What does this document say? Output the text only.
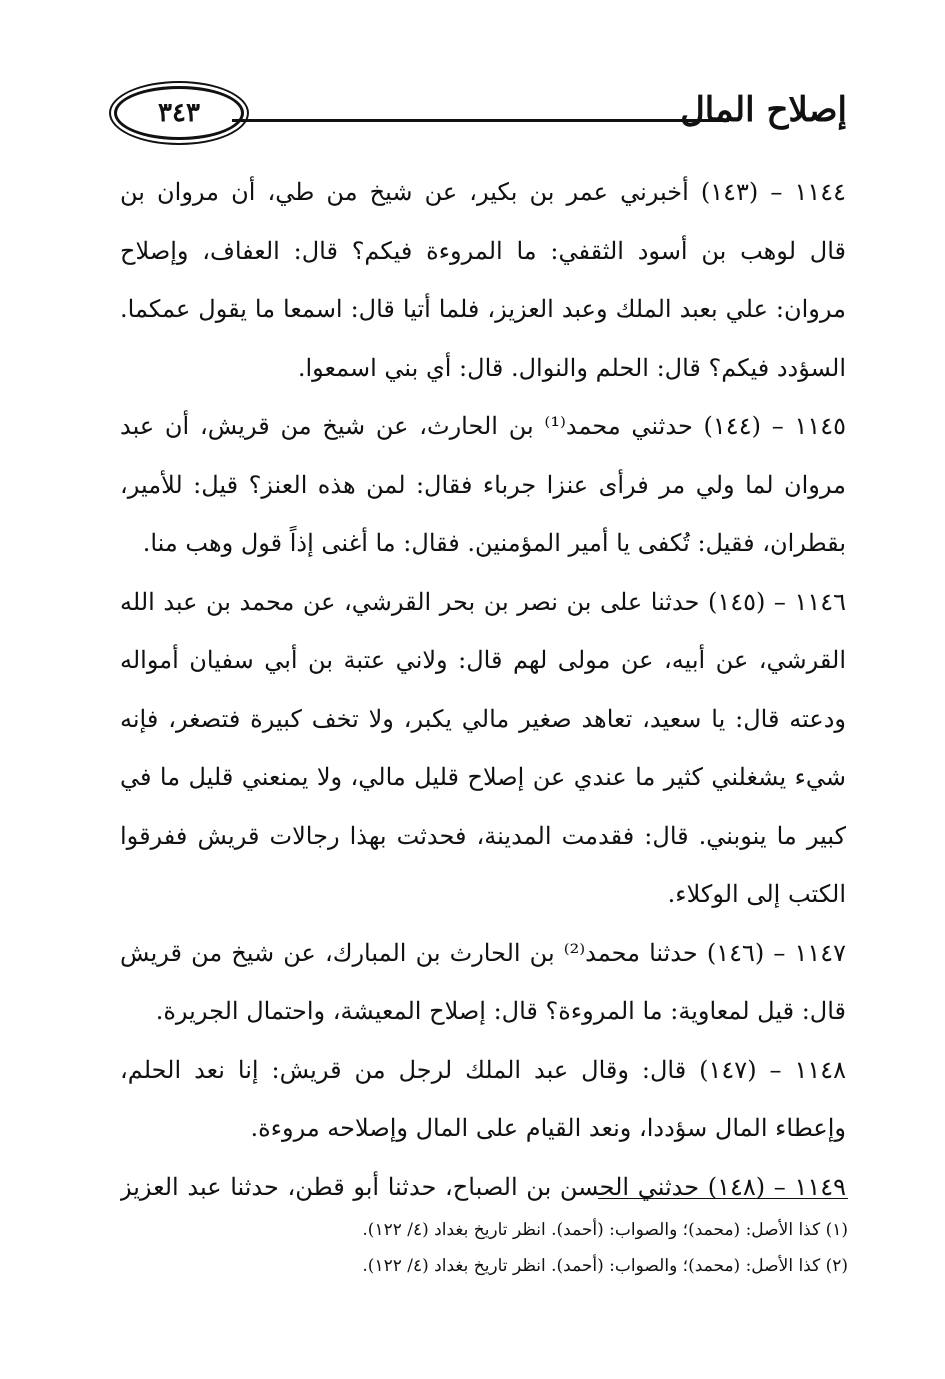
٣٤٣	إصلاح المال
١١٤٤ – (١٤٣) أخبرني عمر بن بكير، عن شيخ من طي، أن مروان بن
قال لوهب بن أسود الثقفي: ما المروءة فيكم؟ قال: العفاف، وإصلاح
مروان: علي بعبد الملك وعبد العزيز، فلما أتيا قال: اسمعا ما يقول عمكما.
السؤدد فيكم؟ قال: الحلم والنوال. قال: أي بني اسمعوا.
١١٤٥ – (١٤٤) حدثني محمد⁽¹⁾ بن الحارث، عن شيخ من قريش، أن عبد
مروان لما ولي مر فرأى عنزا جرباء فقال: لمن هذه العنز؟ قيل: للأمير،
بقطران، فقيل: تُكفى يا أمير المؤمنين. فقال: ما أغنى إذاً قول وهب منا.
١١٤٦ – (١٤٥) حدثنا على بن نصر بن بحر القرشي، عن محمد بن عبد الله
القرشي، عن أبيه، عن مولى لهم قال: ولاني عتبة بن أبي سفيان أمواله
ودعته قال: يا سعيد، تعاهد صغير مالي يكبر، ولا تخف كبيرة فتصغر، فإنه
شيء يشغلني كثير ما عندي عن إصلاح قليل مالي، ولا يمنعني قليل ما في
كبير ما ينوبني. قال: فقدمت المدينة، فحدثت بهذا رجالات قريش ففرقوا
الكتب إلى الوكلاء.
١١٤٧ – (١٤٦) حدثنا محمد⁽²⁾ بن الحارث بن المبارك، عن شيخ من قريش
قال: قيل لمعاوية: ما المروءة؟ قال: إصلاح المعيشة، واحتمال الجريرة.
١١٤٨ – (١٤٧) قال: وقال عبد الملك لرجل من قريش: إنا نعد الحلم،
وإعطاء المال سؤددا، ونعد القيام على المال وإصلاحه مروءة.
١١٤٩ – (١٤٨) حدثني الحسن بن الصباح، حدثنا أبو قطن، حدثنا عبد العزيز
(١) كذا الأصل: (محمد)؛ والصواب: (أحمد). انظر تاريخ بغداد (٤/ ١٢٢).
(٢) كذا الأصل: (محمد)؛ والصواب: (أحمد). انظر تاريخ بغداد (٤/ ١٢٢).
